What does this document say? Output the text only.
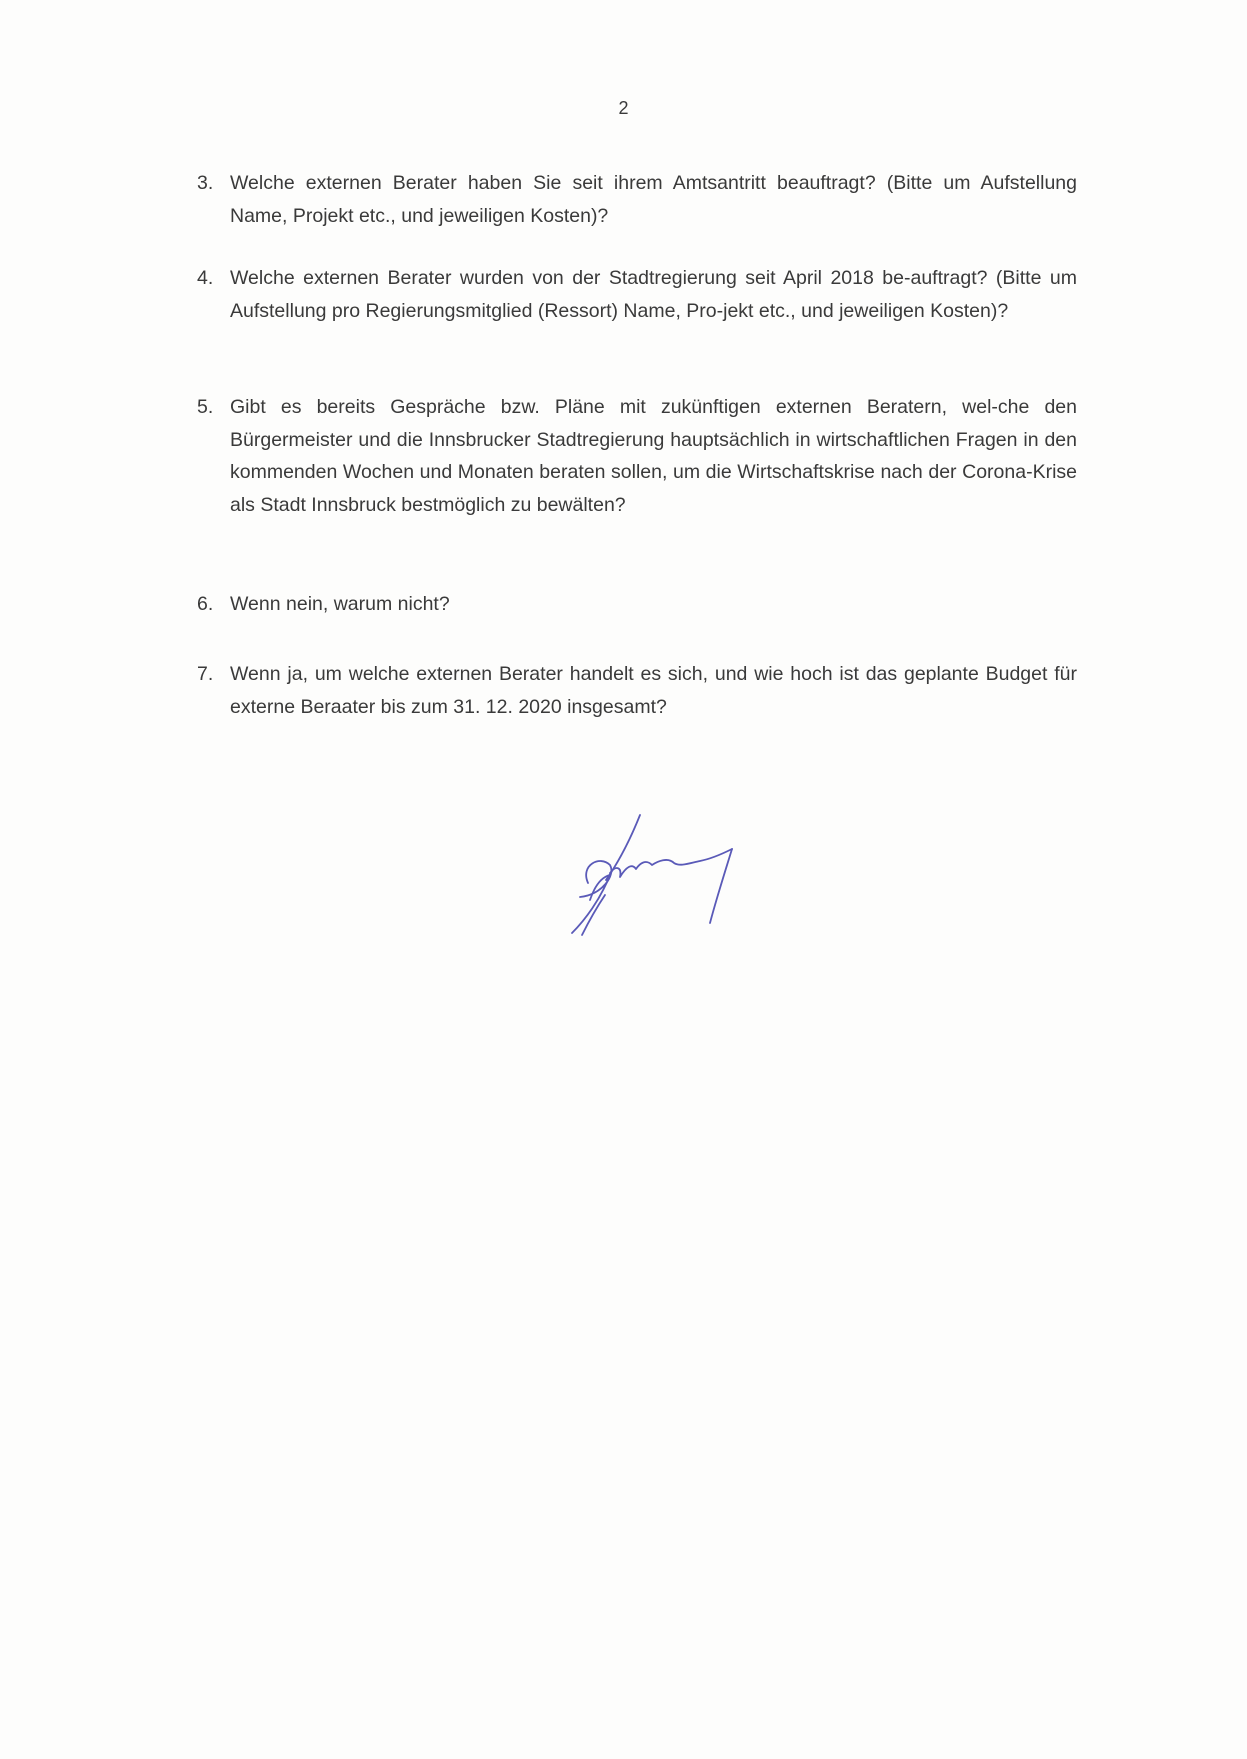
2
3. Welche externen Berater haben Sie seit ihrem Amtsantritt beauftragt? (Bitte um Aufstellung Name, Projekt etc., und jeweiligen Kosten)?
4. Welche externen Berater wurden von der Stadtregierung seit April 2018 be-auftragt? (Bitte um Aufstellung pro Regierungsmitglied (Ressort) Name, Pro-jekt etc., und jeweiligen Kosten)?
5. Gibt es bereits Gespräche bzw. Pläne mit zukünftigen externen Beratern, wel-che den Bürgermeister und die Innsbrucker Stadtregierung hauptsächlich in wirtschaftlichen Fragen in den kommenden Wochen und Monaten beraten sollen, um die Wirtschaftskrise nach der Corona-Krise als Stadt Innsbruck bestmöglich zu bewälten?
6. Wenn nein, warum nicht?
7. Wenn ja, um welche externen Berater handelt es sich, und wie hoch ist das geplante Budget für externe Beraater bis zum 31. 12. 2020 insgesamt?
